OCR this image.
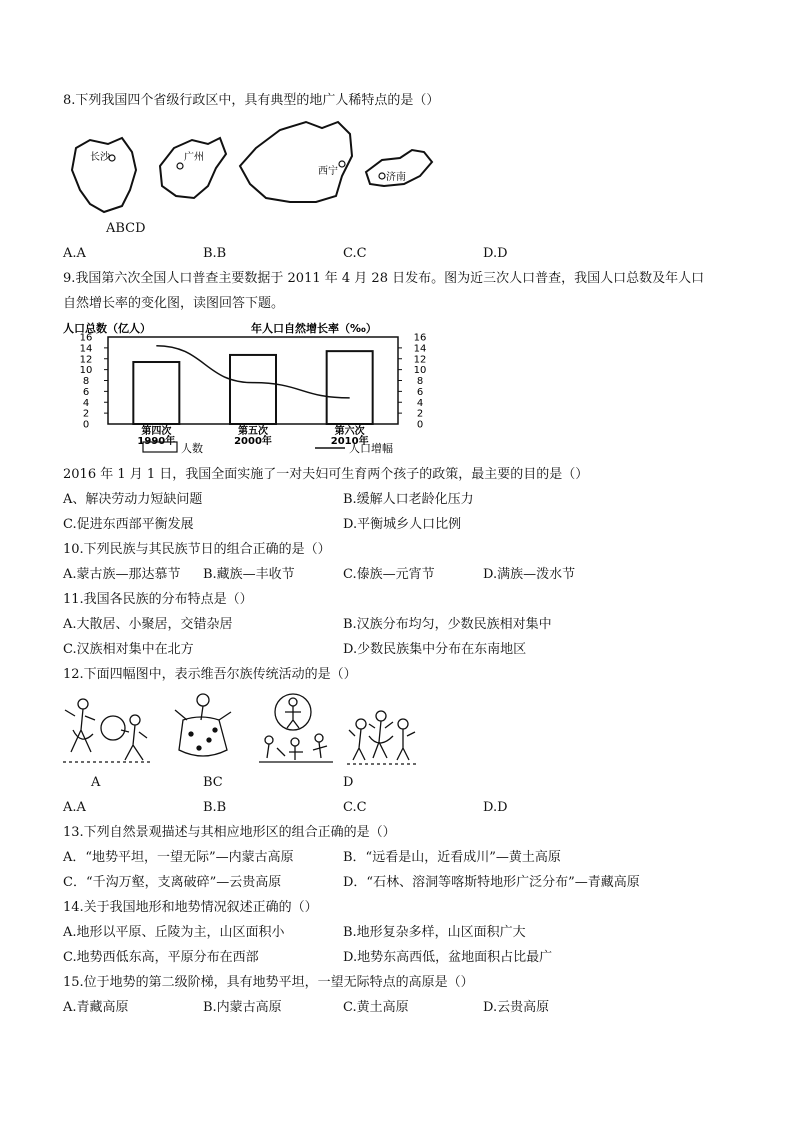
8.下列我国四个省级行政区中，具有典型的地广人稀特点的是（）
长沙	广州
西宁
济南
ABCD
A.A	B.B	C.C	D.D
9.我国第六次全国人口普查主要数据于 2011 年 4 月 28 日发布。图为近三次人口普查，我国人口总数及年人口
自然增长率的变化图，读图回答下题。
人口总数（亿人）	年人口自然增长率（‰）
0	0
2	2
4	4
6	6
8	8
10	10
12	12
14	14
16	16
第四次
1990年
第五次
2000年
第六次
2010年
人数	人口增幅
2016 年 1 月 1 日，我国全面实施了一对夫妇可生育两个孩子的政策，最主要的目的是（）
A、解决劳动力短缺问题	B.缓解人口老龄化压力
C.促进东西部平衡发展	D.平衡城乡人口比例
10.下列民族与其民族节日的组合正确的是（）
A.蒙古族—那达慕节 B.藏族—丰收节	C.傣族—元宵节	D.满族—泼水节
11.我国各民族的分布特点是（）
A.大散居、小聚居，交错杂居	B.汉族分布均匀，少数民族相对集中
C.汉族相对集中在北方	D.少数民族集中分布在东南地区
12.下面四幅图中，表示维吾尔族传统活动的是（）
A	BC	D
A.A	B.B	C.C	D.D
13.下列自然景观描述与其相应地形区的组合正确的是（）
A．“地势平坦，一望无际”—内蒙古高原	B．“远看是山，近看成川”—黄土高原
C．“千沟万壑，支离破碎”—云贵高原	D．“石林、溶洞等喀斯特地形广泛分布”—青藏高原
14.关于我国地形和地势情况叙述正确的（）
A.地形以平原、丘陵为主，山区面积小	B.地形复杂多样，山区面积广大
C.地势西低东高，平原分布在西部	D.地势东高西低，盆地面积占比最广
15.位于地势的第二级阶梯，具有地势平坦，一望无际特点的高原是（）
A.青藏高原	B.内蒙古高原	C.黄土高原	D.云贵高原
